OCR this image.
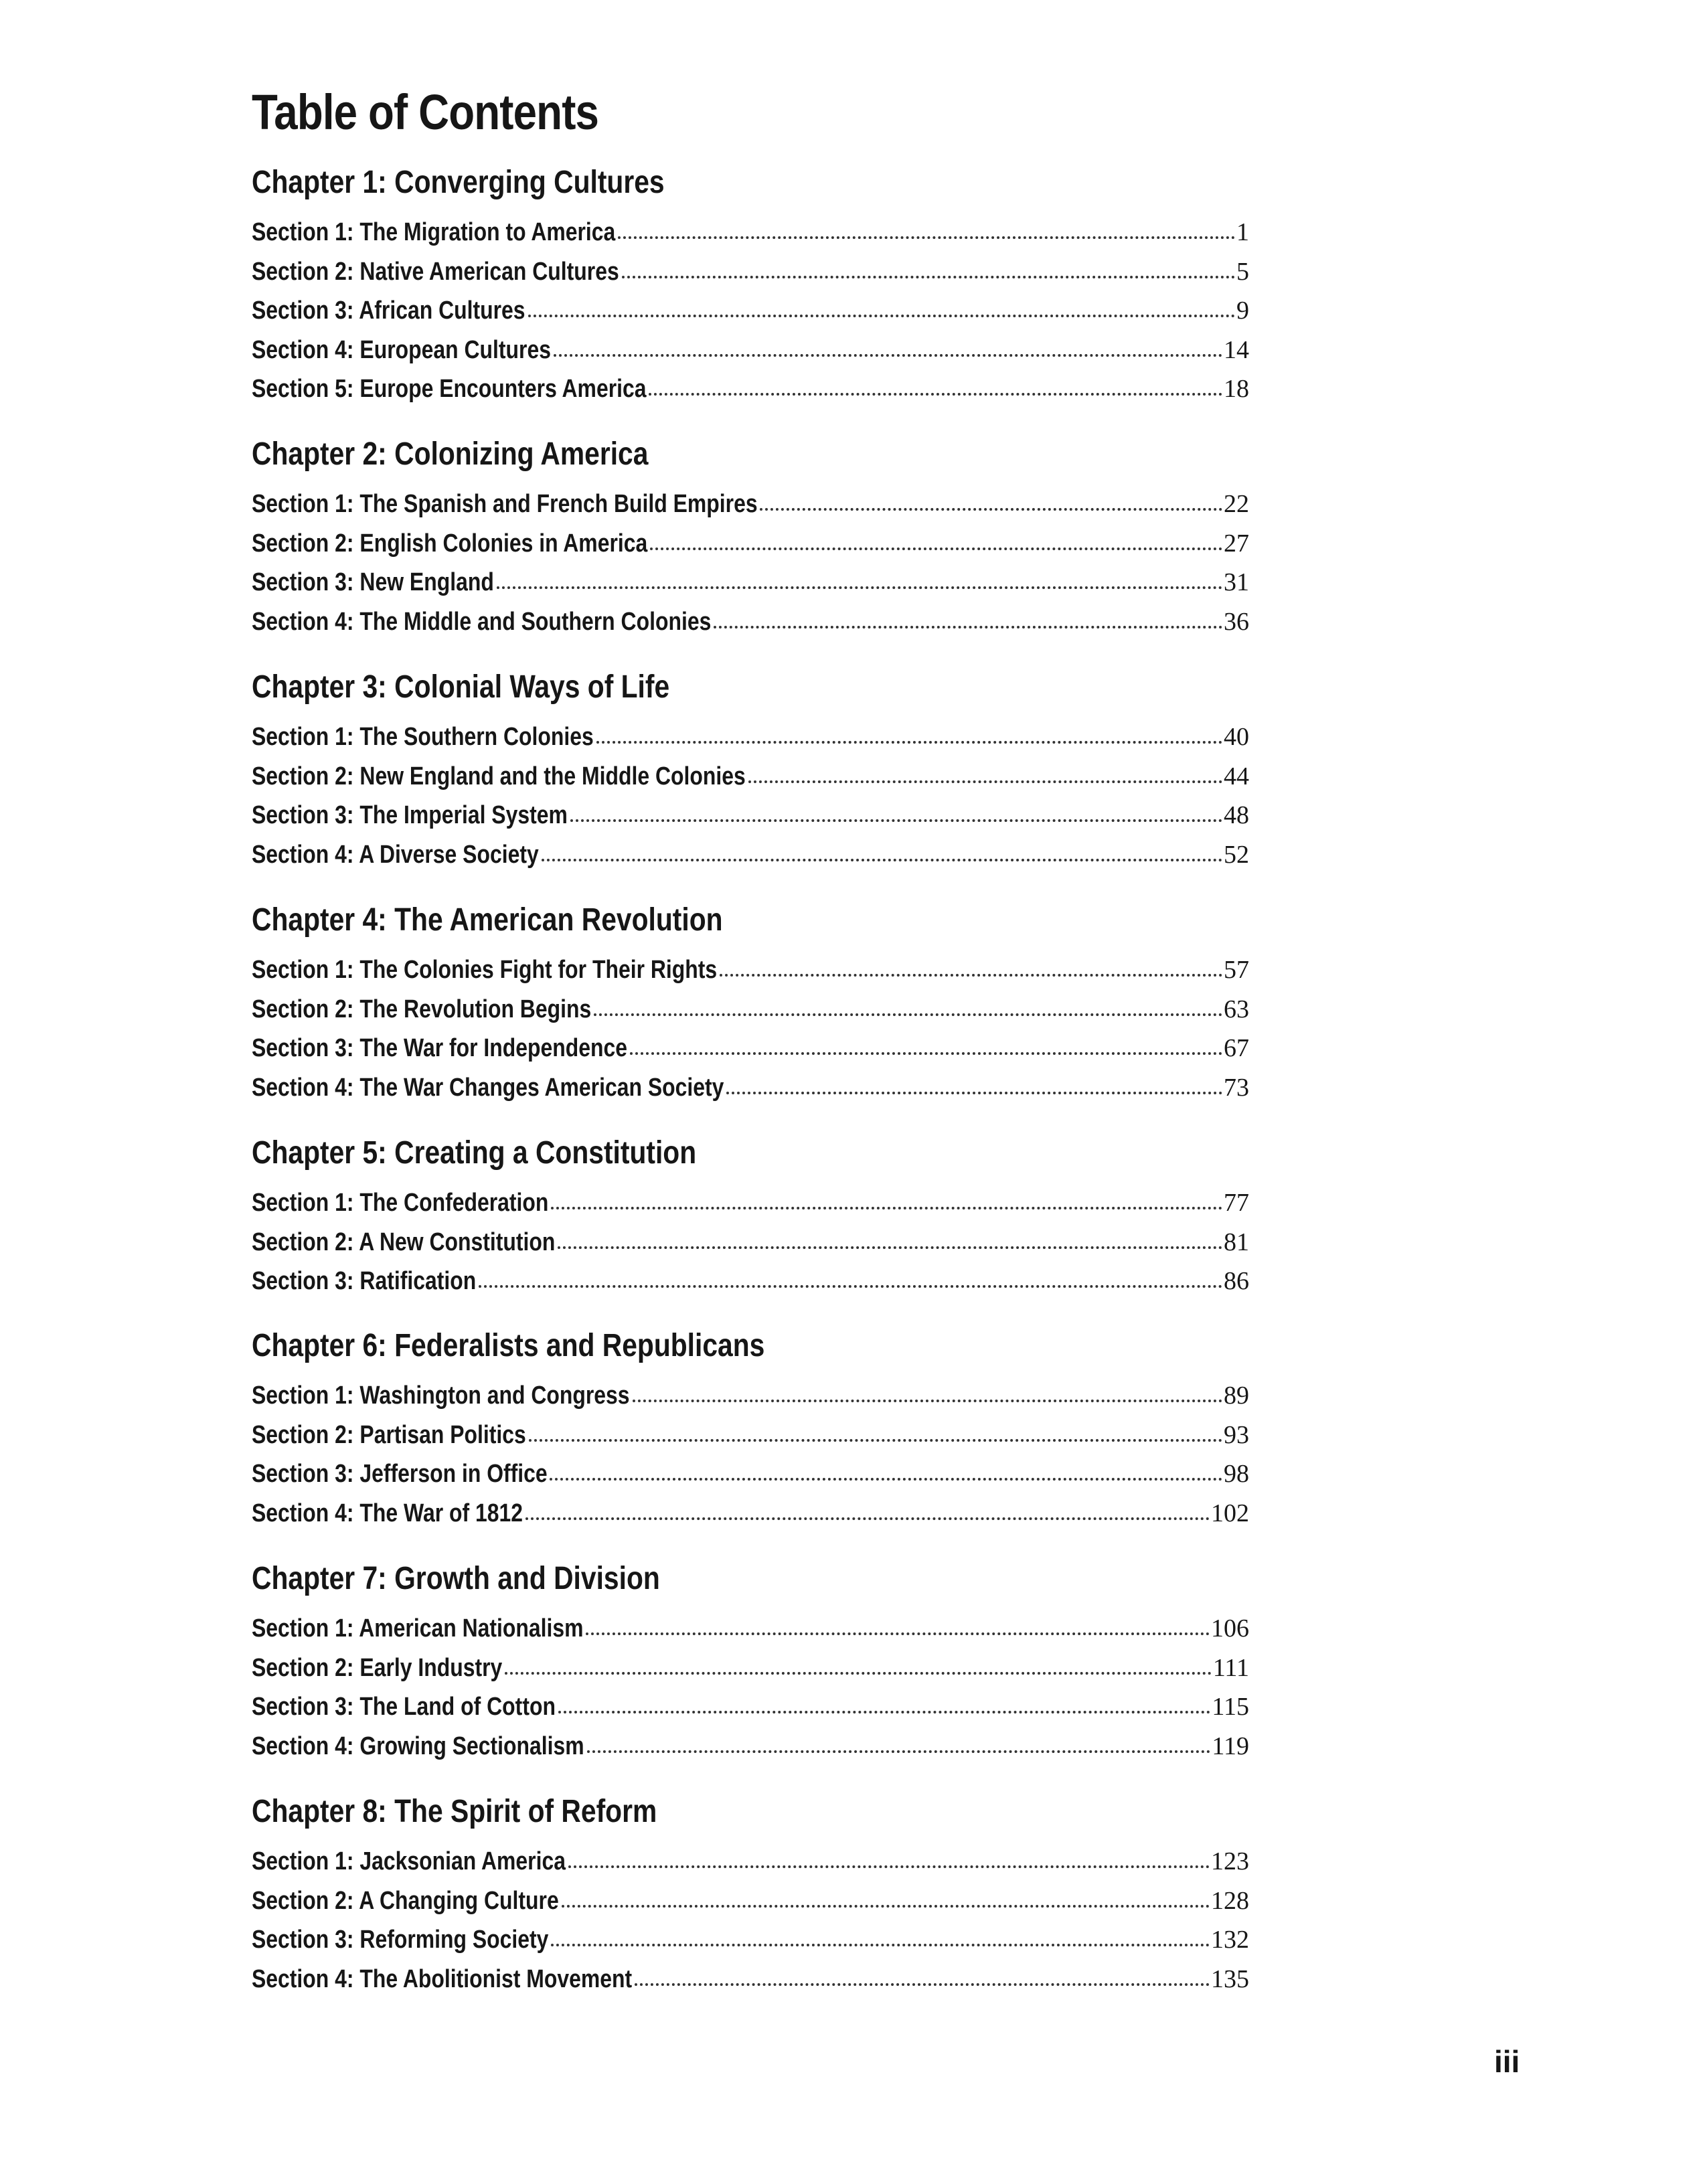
Table of Contents
Chapter 1: Converging Cultures
Section 1: The Migration to America	1
Section 2: Native American Cultures	5
Section 3: African Cultures	9
Section 4: European Cultures	14
Section 5: Europe Encounters America	18
Chapter 2: Colonizing America
Section 1: The Spanish and French Build Empires	22
Section 2: English Colonies in America	27
Section 3: New England	31
Section 4: The Middle and Southern Colonies	36
Chapter 3: Colonial Ways of Life
Section 1: The Southern Colonies	40
Section 2: New England and the Middle Colonies	44
Section 3: The Imperial System	48
Section 4: A Diverse Society	52
Chapter 4: The American Revolution
Section 1: The Colonies Fight for Their Rights	57
Section 2: The Revolution Begins	63
Section 3: The War for Independence	67
Section 4: The War Changes American Society	73
Chapter 5: Creating a Constitution
Section 1: The Confederation	77
Section 2: A New Constitution	81
Section 3: Ratification	86
Chapter 6: Federalists and Republicans
Section 1: Washington and Congress	89
Section 2: Partisan Politics	93
Section 3: Jefferson in Office	98
Section 4: The War of 1812	102
Chapter 7: Growth and Division
Section 1: American Nationalism	106
Section 2: Early Industry	111
Section 3: The Land of Cotton	115
Section 4: Growing Sectionalism	119
Chapter 8: The Spirit of Reform
Section 1: Jacksonian America	123
Section 2: A Changing Culture	128
Section 3: Reforming Society	132
Section 4: The Abolitionist Movement	135

iii
